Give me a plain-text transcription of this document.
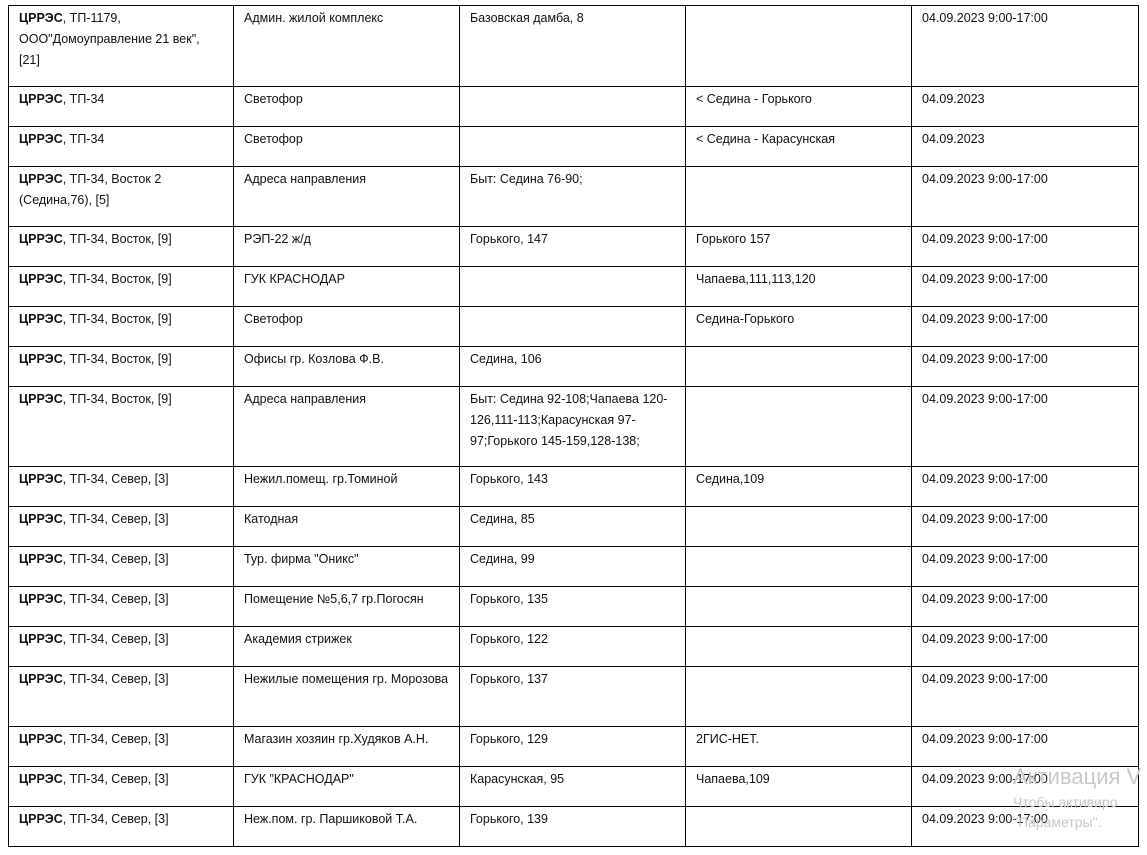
ЦРРЭС, ТП-1179, ООО"Домоуправление 21 век", [21]	Админ. жилой комплекс	Базовская дамба, 8		04.09.2023 9:00-17:00
ЦРРЭС, ТП-34	Светофор		< Седина - Горького	04.09.2023
ЦРРЭС, ТП-34	Светофор		< Седина - Карасунская	04.09.2023
ЦРРЭС, ТП-34, Восток 2 (Седина,76), [5]	Адреса направления	Быт: Седина 76-90;		04.09.2023 9:00-17:00
ЦРРЭС, ТП-34, Восток, [9]	РЭП-22 ж/д	Горького, 147	Горького 157	04.09.2023 9:00-17:00
ЦРРЭС, ТП-34, Восток, [9]	ГУК КРАСНОДАР		Чапаева,111,113,120	04.09.2023 9:00-17:00
ЦРРЭС, ТП-34, Восток, [9]	Светофор		Седина-Горького	04.09.2023 9:00-17:00
ЦРРЭС, ТП-34, Восток, [9]	Офисы гр. Козлова Ф.В.	Седина, 106		04.09.2023 9:00-17:00
ЦРРЭС, ТП-34, Восток, [9]	Адреса направления	Быт: Седина 92-108;Чапаева 120-126,111-113;Карасунская 97-97;Горького 145-159,128-138;		04.09.2023 9:00-17:00
ЦРРЭС, ТП-34, Север, [3]	Нежил.помещ. гр.Томиной	Горького, 143	Седина,109	04.09.2023 9:00-17:00
ЦРРЭС, ТП-34, Север, [3]	Катодная	Седина, 85		04.09.2023 9:00-17:00
ЦРРЭС, ТП-34, Север, [3]	Тур. фирма "Оникс"	Седина, 99		04.09.2023 9:00-17:00
ЦРРЭС, ТП-34, Север, [3]	Помещение №5,6,7 гр.Погосян	Горького, 135		04.09.2023 9:00-17:00
ЦРРЭС, ТП-34, Север, [3]	Академия стрижек	Горького, 122		04.09.2023 9:00-17:00
ЦРРЭС, ТП-34, Север, [3]	Нежилые помещения гр. Морозова	Горького, 137		04.09.2023 9:00-17:00
ЦРРЭС, ТП-34, Север, [3]	Магазин хозяин гр.Худяков А.Н.	Горького, 129	2ГИС-НЕТ.	04.09.2023 9:00-17:00
ЦРРЭС, ТП-34, Север, [3]	ГУК "КРАСНОДАР"	Карасунская, 95	Чапаева,109	04.09.2023 9:00-17:00
ЦРРЭС, ТП-34, Север, [3]	Неж.пом. гр. Паршиковой Т.А.	Горького, 139		04.09.2023 9:00-17:00
Активация V
Чтобы активиро
"Параметры".
